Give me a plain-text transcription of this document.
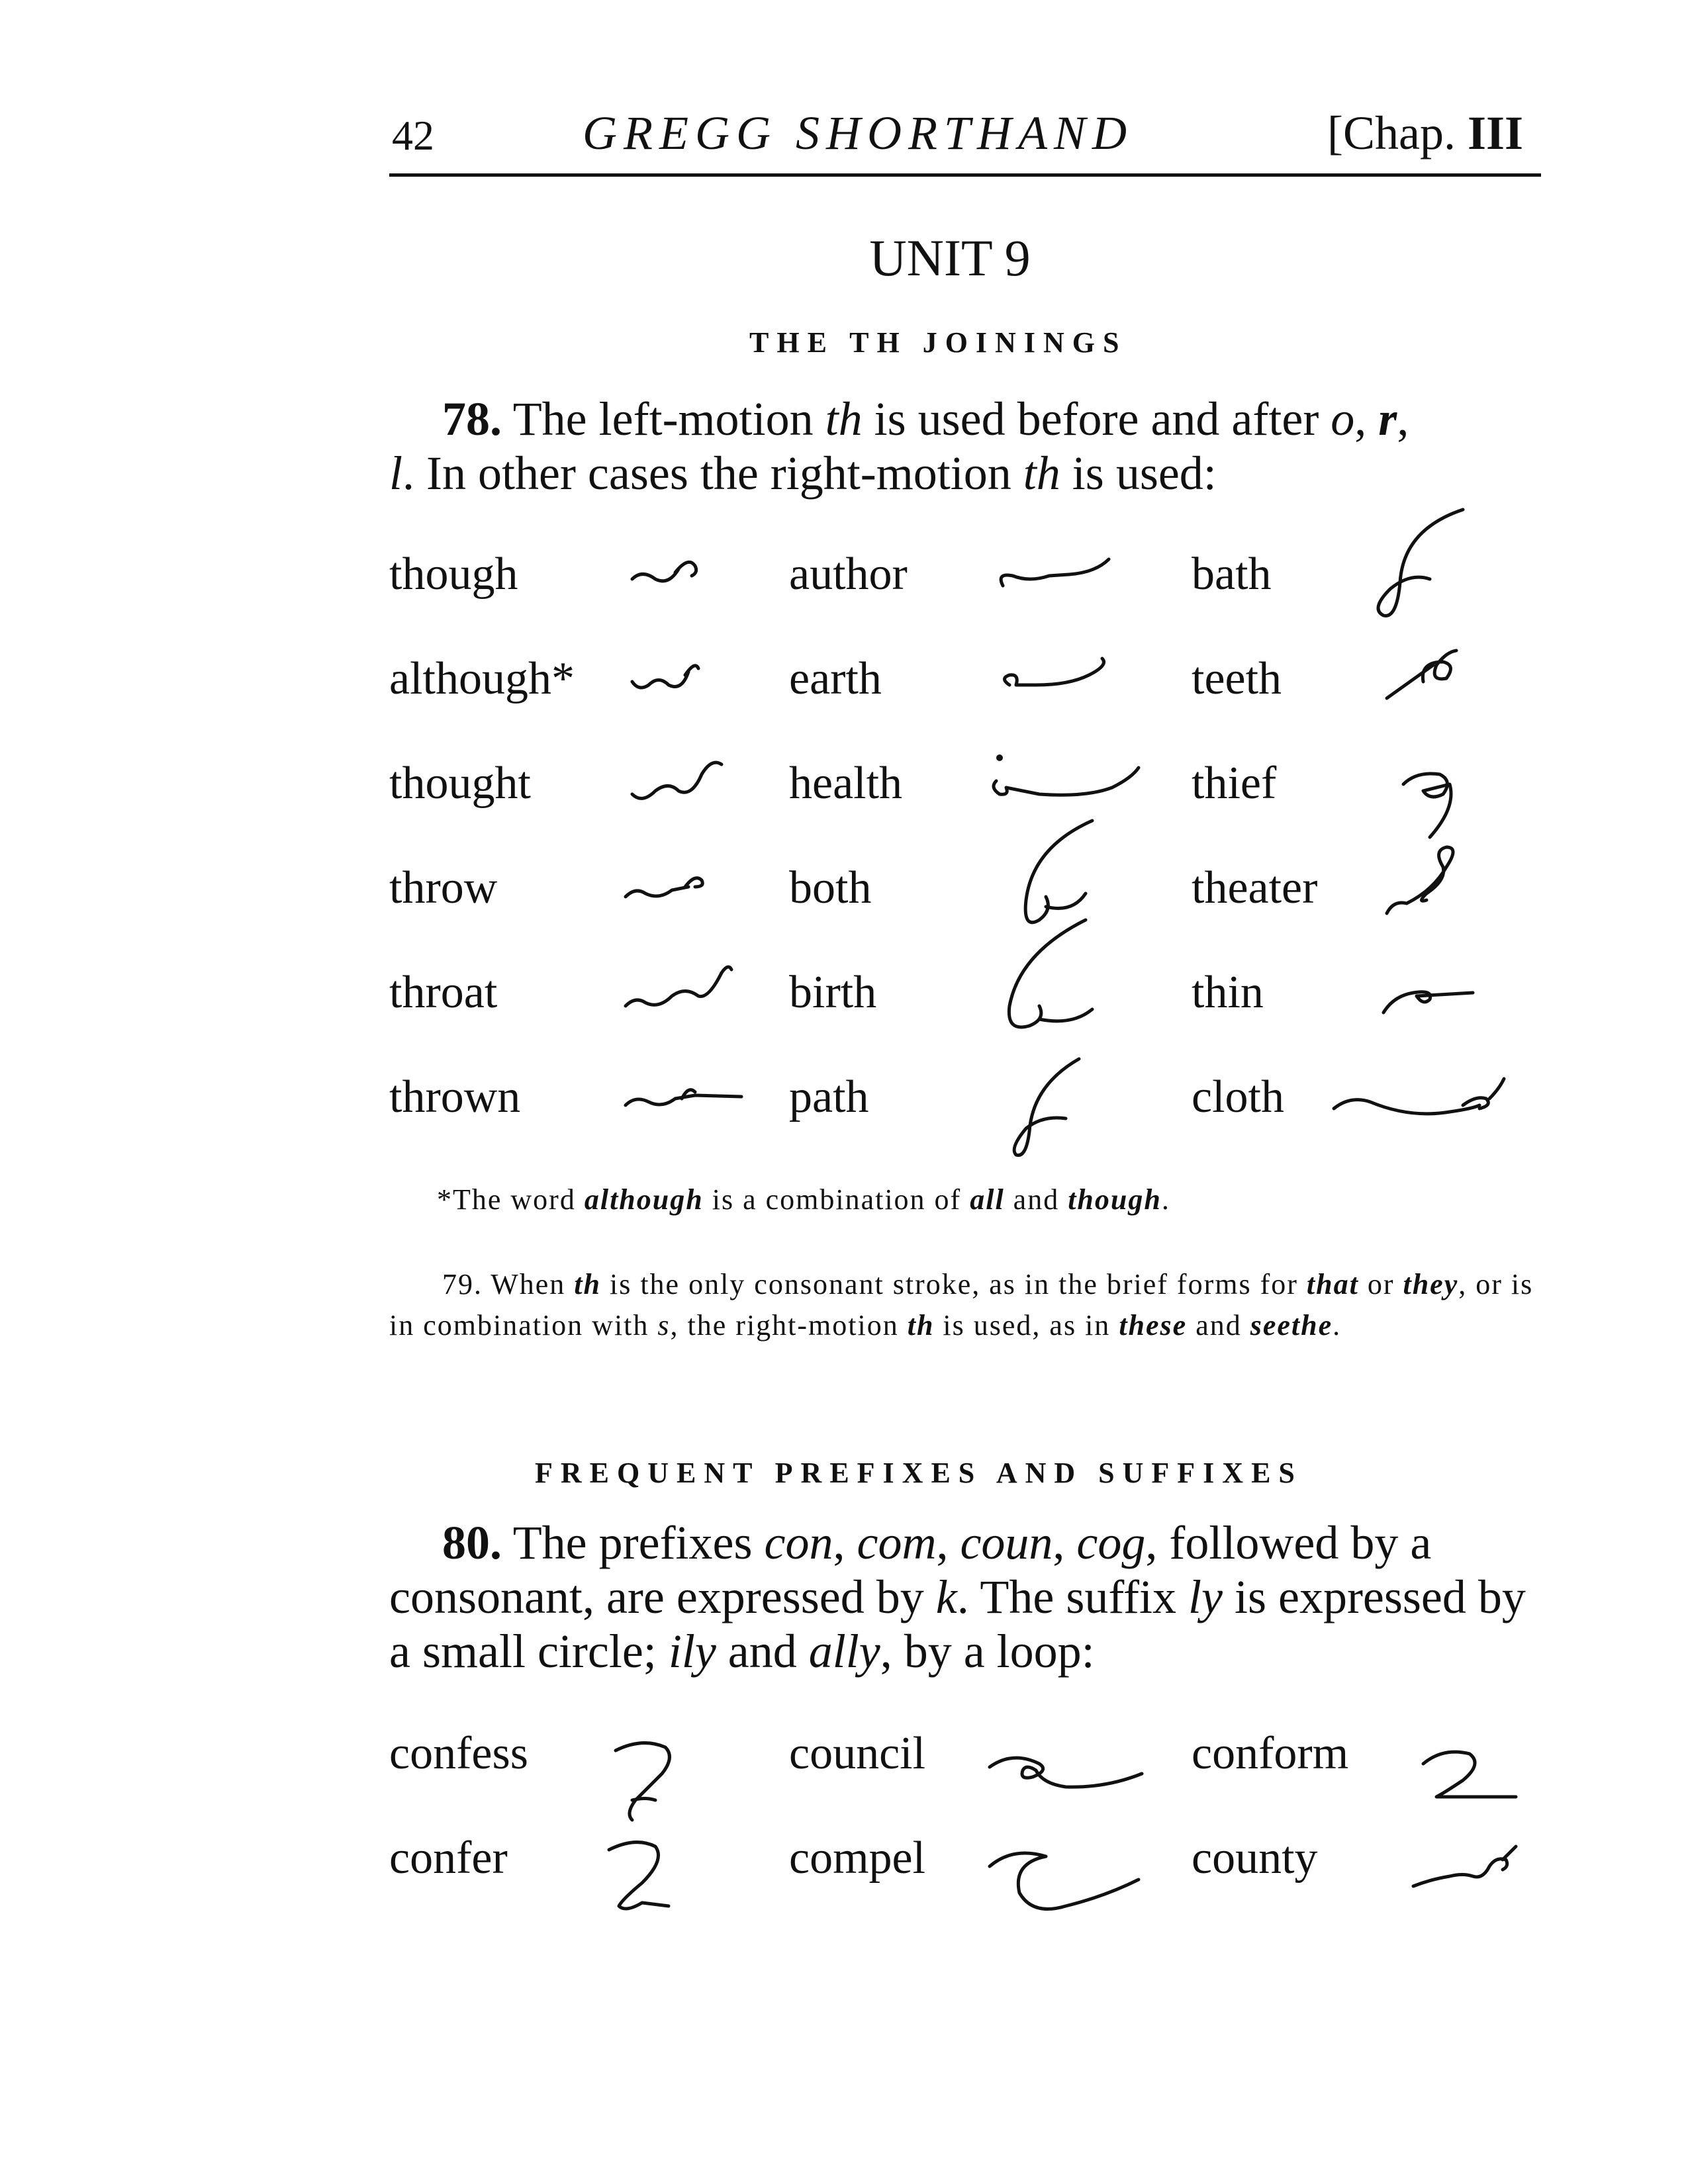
42	GREGG SHORTHAND	[Chap. III
UNIT 9
THE TH JOININGS
78. The left-motion th is used before and after o, r,
l. In other cases the right-motion th is used:
though	author	bath
although*	earth	teeth
thought	health	thief
throw	both	theater
throat	birth	thin
thrown	path	cloth
*The word although is a combination of all and though.
79. When th is the only consonant stroke, as in the brief forms for that or they, or is in combination with s, the right-motion th is used, as in these and seethe.
FREQUENT PREFIXES AND SUFFIXES
80. The prefixes con, com, coun, cog, followed by a consonant, are expressed by k. The suffix ly is expressed by a small circle; ily and ally, by a loop:
confess	council	conform
confer	compel	county
